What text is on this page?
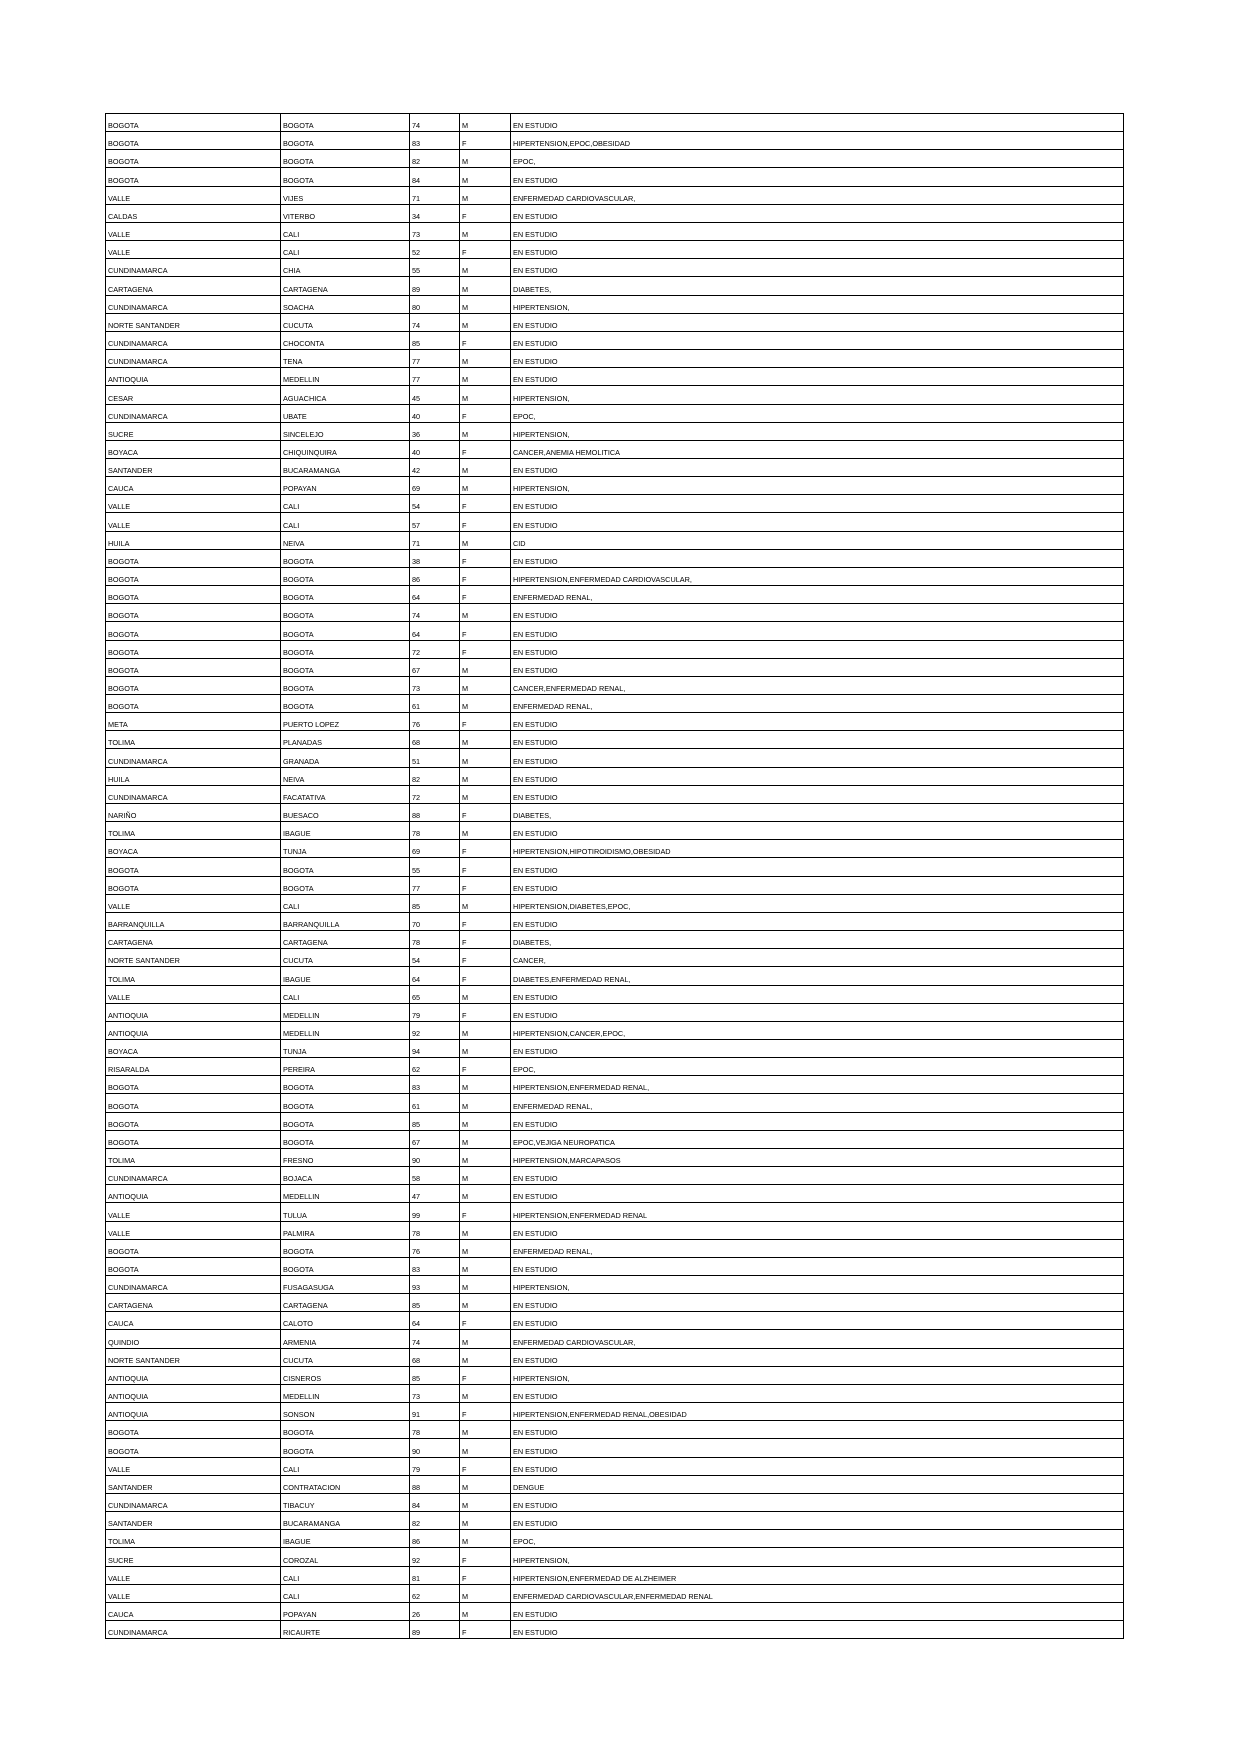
BOGOTA	BOGOTA	74	M	EN ESTUDIO
BOGOTA	BOGOTA	83	F	HIPERTENSION,EPOC,OBESIDAD
BOGOTA	BOGOTA	82	M	EPOC,
BOGOTA	BOGOTA	84	M	EN ESTUDIO
VALLE	VIJES	71	M	ENFERMEDAD CARDIOVASCULAR,
CALDAS	VITERBO	34	F	EN ESTUDIO
VALLE	CALI	73	M	EN ESTUDIO
VALLE	CALI	52	F	EN ESTUDIO
CUNDINAMARCA	CHIA	55	M	EN ESTUDIO
CARTAGENA	CARTAGENA	89	M	DIABETES,
CUNDINAMARCA	SOACHA	80	M	HIPERTENSION,
NORTE SANTANDER	CUCUTA	74	M	EN ESTUDIO
CUNDINAMARCA	CHOCONTA	85	F	EN ESTUDIO
CUNDINAMARCA	TENA	77	M	EN ESTUDIO
ANTIOQUIA	MEDELLIN	77	M	EN ESTUDIO
CESAR	AGUACHICA	45	M	HIPERTENSION,
CUNDINAMARCA	UBATE	40	F	EPOC,
SUCRE	SINCELEJO	36	M	HIPERTENSION,
BOYACA	CHIQUINQUIRA	40	F	CANCER,ANEMIA HEMOLITICA
SANTANDER	BUCARAMANGA	42	M	EN ESTUDIO
CAUCA	POPAYAN	69	M	HIPERTENSION,
VALLE	CALI	54	F	EN ESTUDIO
VALLE	CALI	57	F	EN ESTUDIO
HUILA	NEIVA	71	M	CID
BOGOTA	BOGOTA	38	F	EN ESTUDIO
BOGOTA	BOGOTA	86	F	HIPERTENSION,ENFERMEDAD CARDIOVASCULAR,
BOGOTA	BOGOTA	64	F	ENFERMEDAD RENAL,
BOGOTA	BOGOTA	74	M	EN ESTUDIO
BOGOTA	BOGOTA	64	F	EN ESTUDIO
BOGOTA	BOGOTA	72	F	EN ESTUDIO
BOGOTA	BOGOTA	67	M	EN ESTUDIO
BOGOTA	BOGOTA	73	M	CANCER,ENFERMEDAD RENAL,
BOGOTA	BOGOTA	61	M	ENFERMEDAD RENAL,
META	PUERTO LOPEZ	76	F	EN ESTUDIO
TOLIMA	PLANADAS	68	M	EN ESTUDIO
CUNDINAMARCA	GRANADA	51	M	EN ESTUDIO
HUILA	NEIVA	82	M	EN ESTUDIO
CUNDINAMARCA	FACATATIVA	72	M	EN ESTUDIO
NARIÑO	BUESACO	88	F	DIABETES,
TOLIMA	IBAGUE	78	M	EN ESTUDIO
BOYACA	TUNJA	69	F	HIPERTENSION,HIPOTIROIDISMO,OBESIDAD
BOGOTA	BOGOTA	55	F	EN ESTUDIO
BOGOTA	BOGOTA	77	F	EN ESTUDIO
VALLE	CALI	85	M	HIPERTENSION,DIABETES,EPOC,
BARRANQUILLA	BARRANQUILLA	70	F	EN ESTUDIO
CARTAGENA	CARTAGENA	78	F	DIABETES,
NORTE SANTANDER	CUCUTA	54	F	CANCER,
TOLIMA	IBAGUE	64	F	DIABETES,ENFERMEDAD RENAL,
VALLE	CALI	65	M	EN ESTUDIO
ANTIOQUIA	MEDELLIN	79	F	EN ESTUDIO
ANTIOQUIA	MEDELLIN	92	M	HIPERTENSION,CANCER,EPOC,
BOYACA	TUNJA	94	M	EN ESTUDIO
RISARALDA	PEREIRA	62	F	EPOC,
BOGOTA	BOGOTA	83	M	HIPERTENSION,ENFERMEDAD RENAL,
BOGOTA	BOGOTA	61	M	ENFERMEDAD RENAL,
BOGOTA	BOGOTA	85	M	EN ESTUDIO
BOGOTA	BOGOTA	67	M	EPOC,VEJIGA NEUROPATICA
TOLIMA	FRESNO	90	M	HIPERTENSION,MARCAPASOS
CUNDINAMARCA	BOJACA	58	M	EN ESTUDIO
ANTIOQUIA	MEDELLIN	47	M	EN ESTUDIO
VALLE	TULUA	99	F	HIPERTENSION,ENFERMEDAD RENAL
VALLE	PALMIRA	78	M	EN ESTUDIO
BOGOTA	BOGOTA	76	M	ENFERMEDAD RENAL,
BOGOTA	BOGOTA	83	M	EN ESTUDIO
CUNDINAMARCA	FUSAGASUGA	93	M	HIPERTENSION,
CARTAGENA	CARTAGENA	85	M	EN ESTUDIO
CAUCA	CALOTO	64	F	EN ESTUDIO
QUINDIO	ARMENIA	74	M	ENFERMEDAD CARDIOVASCULAR,
NORTE SANTANDER	CUCUTA	68	M	EN ESTUDIO
ANTIOQUIA	CISNEROS	85	F	HIPERTENSION,
ANTIOQUIA	MEDELLIN	73	M	EN ESTUDIO
ANTIOQUIA	SONSON	91	F	HIPERTENSION,ENFERMEDAD RENAL,OBESIDAD
BOGOTA	BOGOTA	78	M	EN ESTUDIO
BOGOTA	BOGOTA	90	M	EN ESTUDIO
VALLE	CALI	79	F	EN ESTUDIO
SANTANDER	CONTRATACION	88	M	DENGUE
CUNDINAMARCA	TIBACUY	84	M	EN ESTUDIO
SANTANDER	BUCARAMANGA	82	M	EN ESTUDIO
TOLIMA	IBAGUE	86	M	EPOC,
SUCRE	COROZAL	92	F	HIPERTENSION,
VALLE	CALI	81	F	HIPERTENSION,ENFERMEDAD DE ALZHEIMER
VALLE	CALI	62	M	ENFERMEDAD CARDIOVASCULAR,ENFERMEDAD RENAL
CAUCA	POPAYAN	26	M	EN ESTUDIO
CUNDINAMARCA	RICAURTE	89	F	EN ESTUDIO
